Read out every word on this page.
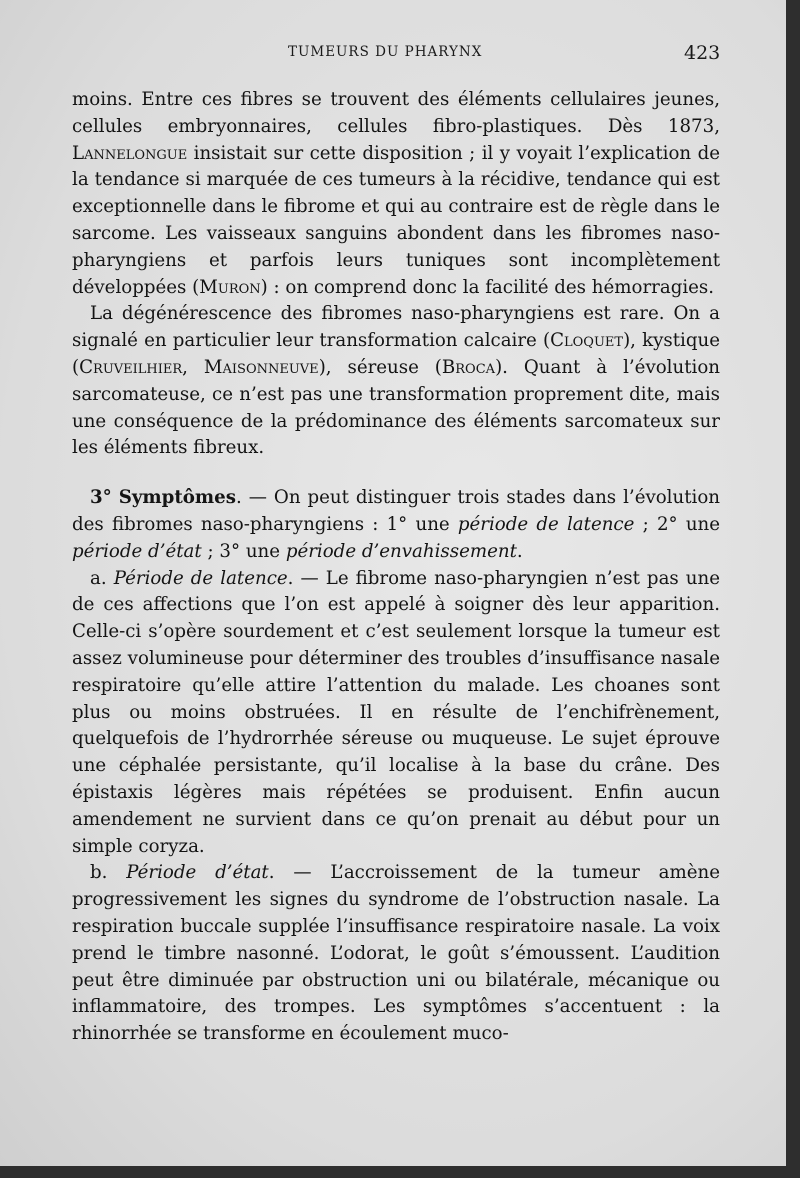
TUMEURS DU PHARYNX	423

moins. Entre ces fibres se trouvent des éléments cellulaires jeunes, cellules embryonnaires, cellules fibro-plastiques. Dès 1873, Lannelongue insistait sur cette disposition ; il y voyait l’explication de la tendance si marquée de ces tumeurs à la récidive, tendance qui est exceptionnelle dans le fibrome et qui au contraire est de règle dans le sarcome. Les vaisseaux sanguins abondent dans les fibromes naso-pharyngiens et parfois leurs tuniques sont incomplètement développées (Muron) : on comprend donc la facilité des hémorragies.

La dégénérescence des fibromes naso-pharyngiens est rare. On a signalé en particulier leur transformation calcaire (Cloquet), kystique (Cruveilhier, Maisonneuve), séreuse (Broca). Quant à l’évolution sarcomateuse, ce n’est pas une transformation proprement dite, mais une conséquence de la prédominance des éléments sarcomateux sur les éléments fibreux.

3° Symptômes. — On peut distinguer trois stades dans l’évolution des fibromes naso-pharyngiens : 1° une période de latence ; 2° une période d’état ; 3° une période d’envahissement.

a. Période de latence. — Le fibrome naso-pharyngien n’est pas une de ces affections que l’on est appelé à soigner dès leur apparition. Celle-ci s’opère sourdement et c’est seulement lorsque la tumeur est assez volumineuse pour déterminer des troubles d’insuffisance nasale respiratoire qu’elle attire l’attention du malade. Les choanes sont plus ou moins obstruées. Il en résulte de l’enchifrènement, quelquefois de l’hydrorrhée séreuse ou muqueuse. Le sujet éprouve une céphalée persistante, qu’il localise à la base du crâne. Des épistaxis légères mais répétées se produisent. Enfin aucun amendement ne survient dans ce qu’on prenait au début pour un simple coryza.

b. Période d’état. — L’accroissement de la tumeur amène progressivement les signes du syndrome de l’obstruction nasale. La respiration buccale supplée l’insuffisance respiratoire nasale. La voix prend le timbre nasonné. L’odorat, le goût s’émoussent. L’audition peut être diminuée par obstruction uni ou bilatérale, mécanique ou inflammatoire, des trompes. Les symptômes s’accentuent : la rhinorrhée se transforme en écoulement muco-
